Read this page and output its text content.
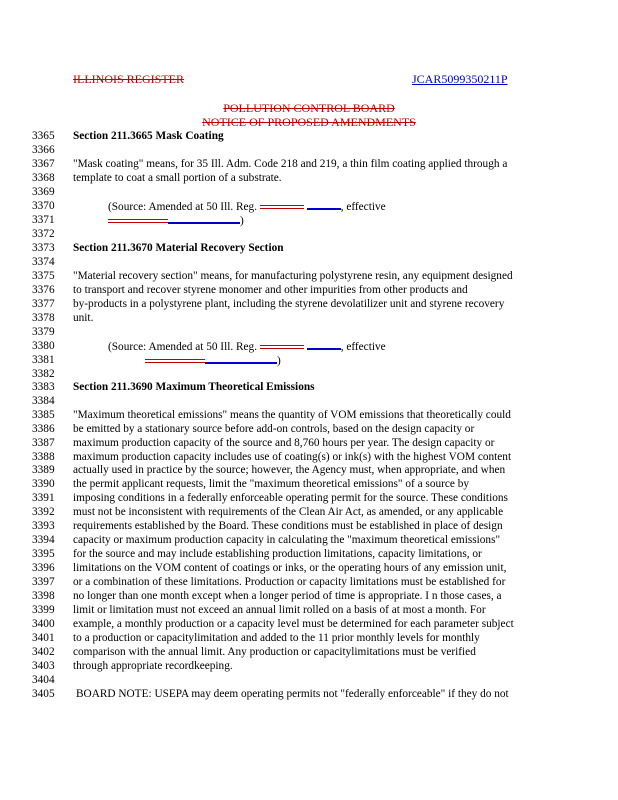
ILLINOIS REGISTER	JCAR5099350211P
POLLUTION CONTROL BOARD
NOTICE OF PROPOSED AMENDMENTS
3365	Section 211.3665 Mask Coating
3366
3367	"Mask coating" means, for 35 Ill. Adm. Code 218 and 219, a thin film coating applied through a
3368	template to coat a small portion of a substrate.
3369
3370	(Source: Amended at 50 Ill. Reg.	, effective
3371	)
3372
3373	Section 211.3670 Material Recovery Section
3374
3375	"Material recovery section" means, for manufacturing polystyrene resin, any equipment designed
3376	to transport and recover styrene monomer and other impurities from other products and
3377	by-products in a polystyrene plant, including the styrene devolatilizer unit and styrene recovery
3378	unit.
3379
3380	(Source: Amended at 50 Ill. Reg.	, effective
3381	)
3382
3383	Section 211.3690 Maximum Theoretical Emissions
3384
3385	"Maximum theoretical emissions" means the quantity of VOM emissions that theoretically could
3386	be emitted by a stationary source before add-on controls, based on the design capacity or
3387	maximum production capacity of the source and 8,760 hours per year. The design capacity or
3388	maximum production capacity includes use of coating(s) or ink(s) with the highest VOM content
3389	actually used in practice by the source; however, the Agency must, when appropriate, and when
3390	the permit applicant requests, limit the "maximum theoretical emissions" of a source by
3391	imposing conditions in a federally enforceable operating permit for the source. These conditions
3392	must not be inconsistent with requirements of the Clean Air Act, as amended, or any applicable
3393	requirements established by the Board. These conditions must be established in place of design
3394	capacity or maximum production capacity in calculating the "maximum theoretical emissions"
3395	for the source and may include establishing production limitations, capacity limitations, or
3396	limitations on the VOM content of coatings or inks, or the operating hours of any emission unit,
3397	or a combination of these limitations. Production or capacity limitations must be established for
3398	no longer than one month except when a longer period of time is appropriate. I n those cases, a
3399	limit or limitation must not exceed an annual limit rolled on a basis of at most a month. For
3400	example, a monthly production or a capacity level must be determined for each parameter subject
3401	to a production or capacitylimitation and added to the 11 prior monthly levels for monthly
3402	comparison with the annual limit. Any production or capacitylimitations must be verified
3403	through appropriate recordkeeping.
3404
3405	BOARD NOTE: USEPA may deem operating permits not "federally enforceable" if they do not
